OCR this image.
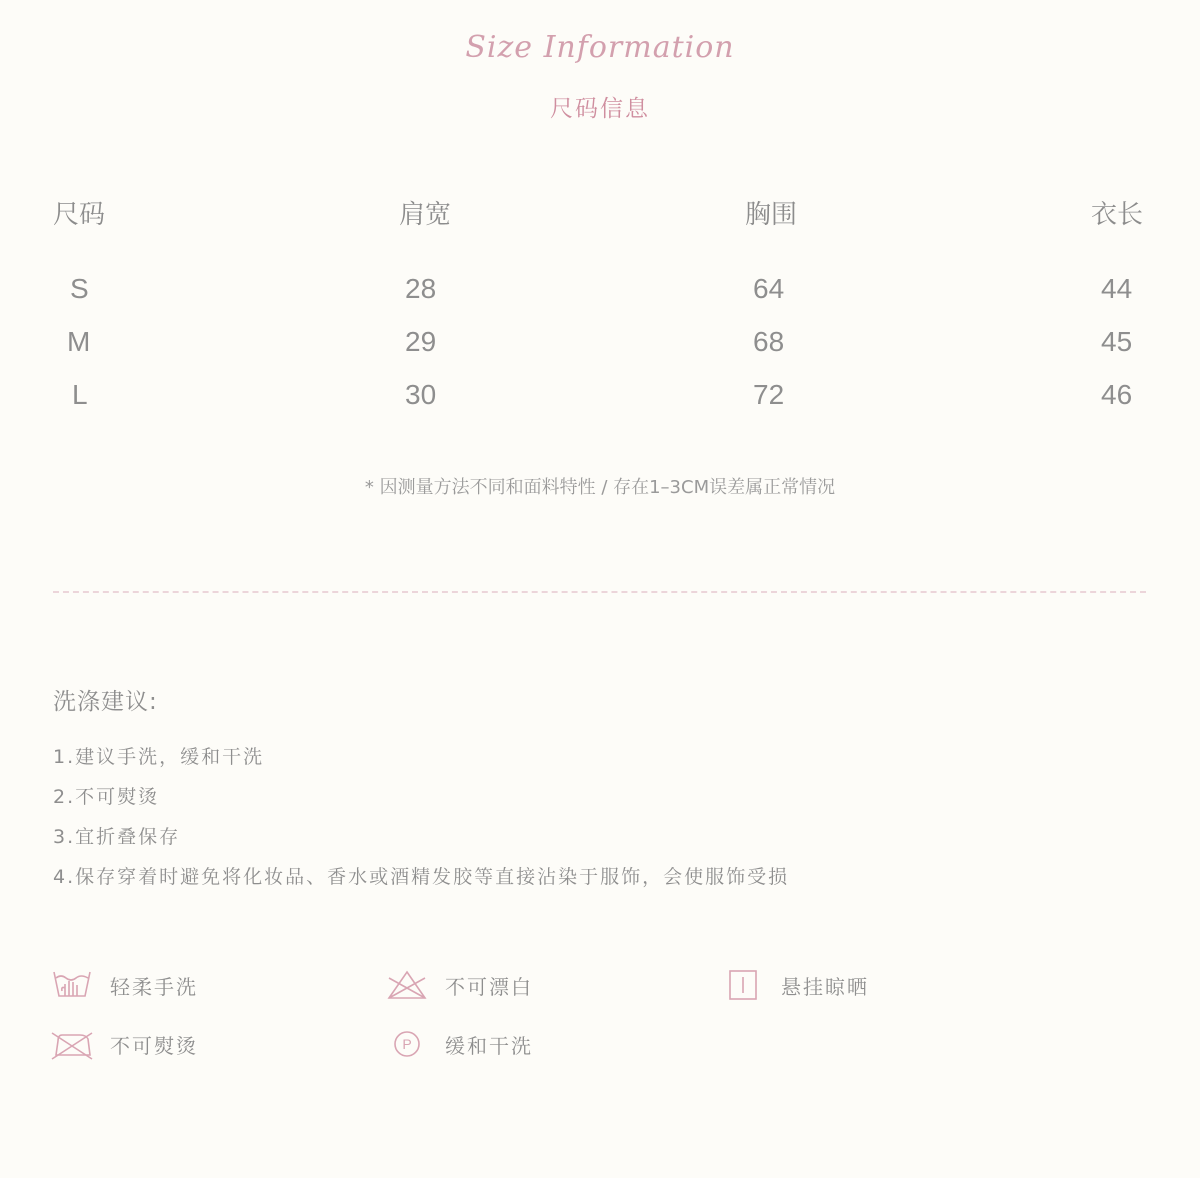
Size Information
尺码信息
尺码	肩宽	胸围	衣长
S	28	64	44
M	29	68	45
L	30	72	46
* 因测量方法不同和面料特性 / 存在1–3CM误差属正常情况
洗涤建议:
1.建议手洗，缓和干洗
2.不可熨烫
3.宜折叠保存
4.保存穿着时避免将化妆品、香水或酒精发胶等直接沾染于服饰，会使服饰受损
轻柔手洗	不可漂白	悬挂晾晒
不可熨烫	P 缓和干洗
